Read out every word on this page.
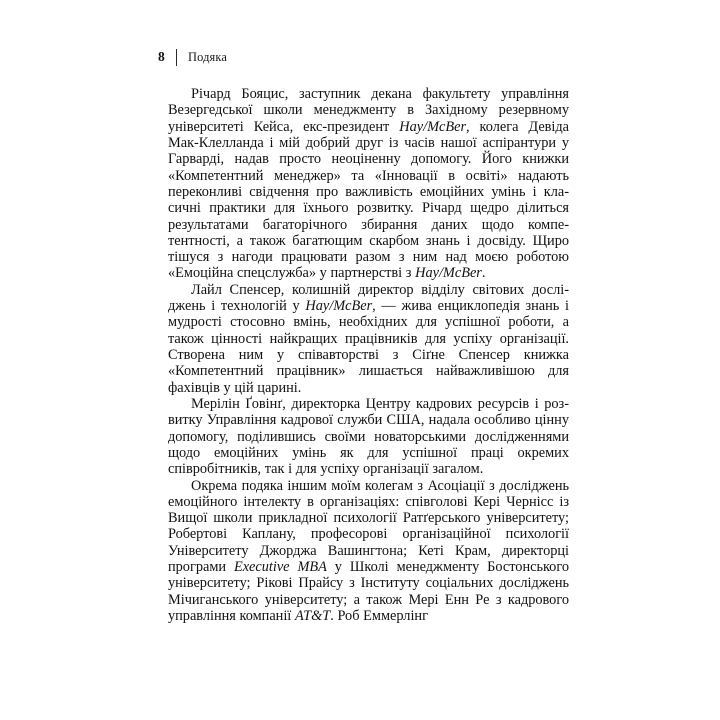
8 Подяка

Річард Бояцис, заступник декана факультету управління Везергедської школи менеджменту в Західному резервному університеті Кейса, екс-президент Hay/McBer, колега Девіда Мак-Клелланда і мій добрий друг із часів нашої аспірантури у Гарварді, надав просто неоціненну допомогу. Його книжки «Компетентний менеджер» та «Інновації в освіті» надають переконливі свідчення про важливість емоційних умінь і класичні практики для їхнього розвитку. Річард щедро ділиться результатами багаторічного збирання даних щодо компетентності, а також багатющим скарбом знань і досвіду. Щиро тішуся з нагоди працювати разом з ним над моєю роботою «Емоційна спецслужба» у партнерстві з Hay/McBer.

Лайл Спенсер, колишній директор відділу світових досліджень і технологій у Hay/McBer, — жива енциклопедія знань і мудрості стосовно вмінь, необхідних для успішної роботи, а також цінності найкращих працівників для успіху організації. Створена ним у співавторстві з Сіґне Спенсер книжка «Компетентний працівник» лишається найважливішою для фахівців у цій царині.

Мерілін Ґовінґ, директорка Центру кадрових ресурсів і розвитку Управління кадрової служби США, надала особливо цінну допомогу, поділившись своїми новаторськими дослідженнями щодо емоційних умінь як для успішної праці окремих співробітників, так і для успіху організації загалом.

Окрема подяка іншим моїм колегам з Асоціації з досліджень емоційного інтелекту в організаціях: співголові Кері Чернісс із Вищої школи прикладної психології Ратґерського університету; Робертові Каплану, професорові організаційної психології Університету Джорджа Вашингтона; Кеті Крам, директорці програми Executive MBA у Школі менеджменту Бостонського університету; Рікові Прайсу з Інституту соціальних досліджень Мічиганського університету; а також Мері Енн Ре з кадрового управління компанії AT&T. Роб Еммерлінг
